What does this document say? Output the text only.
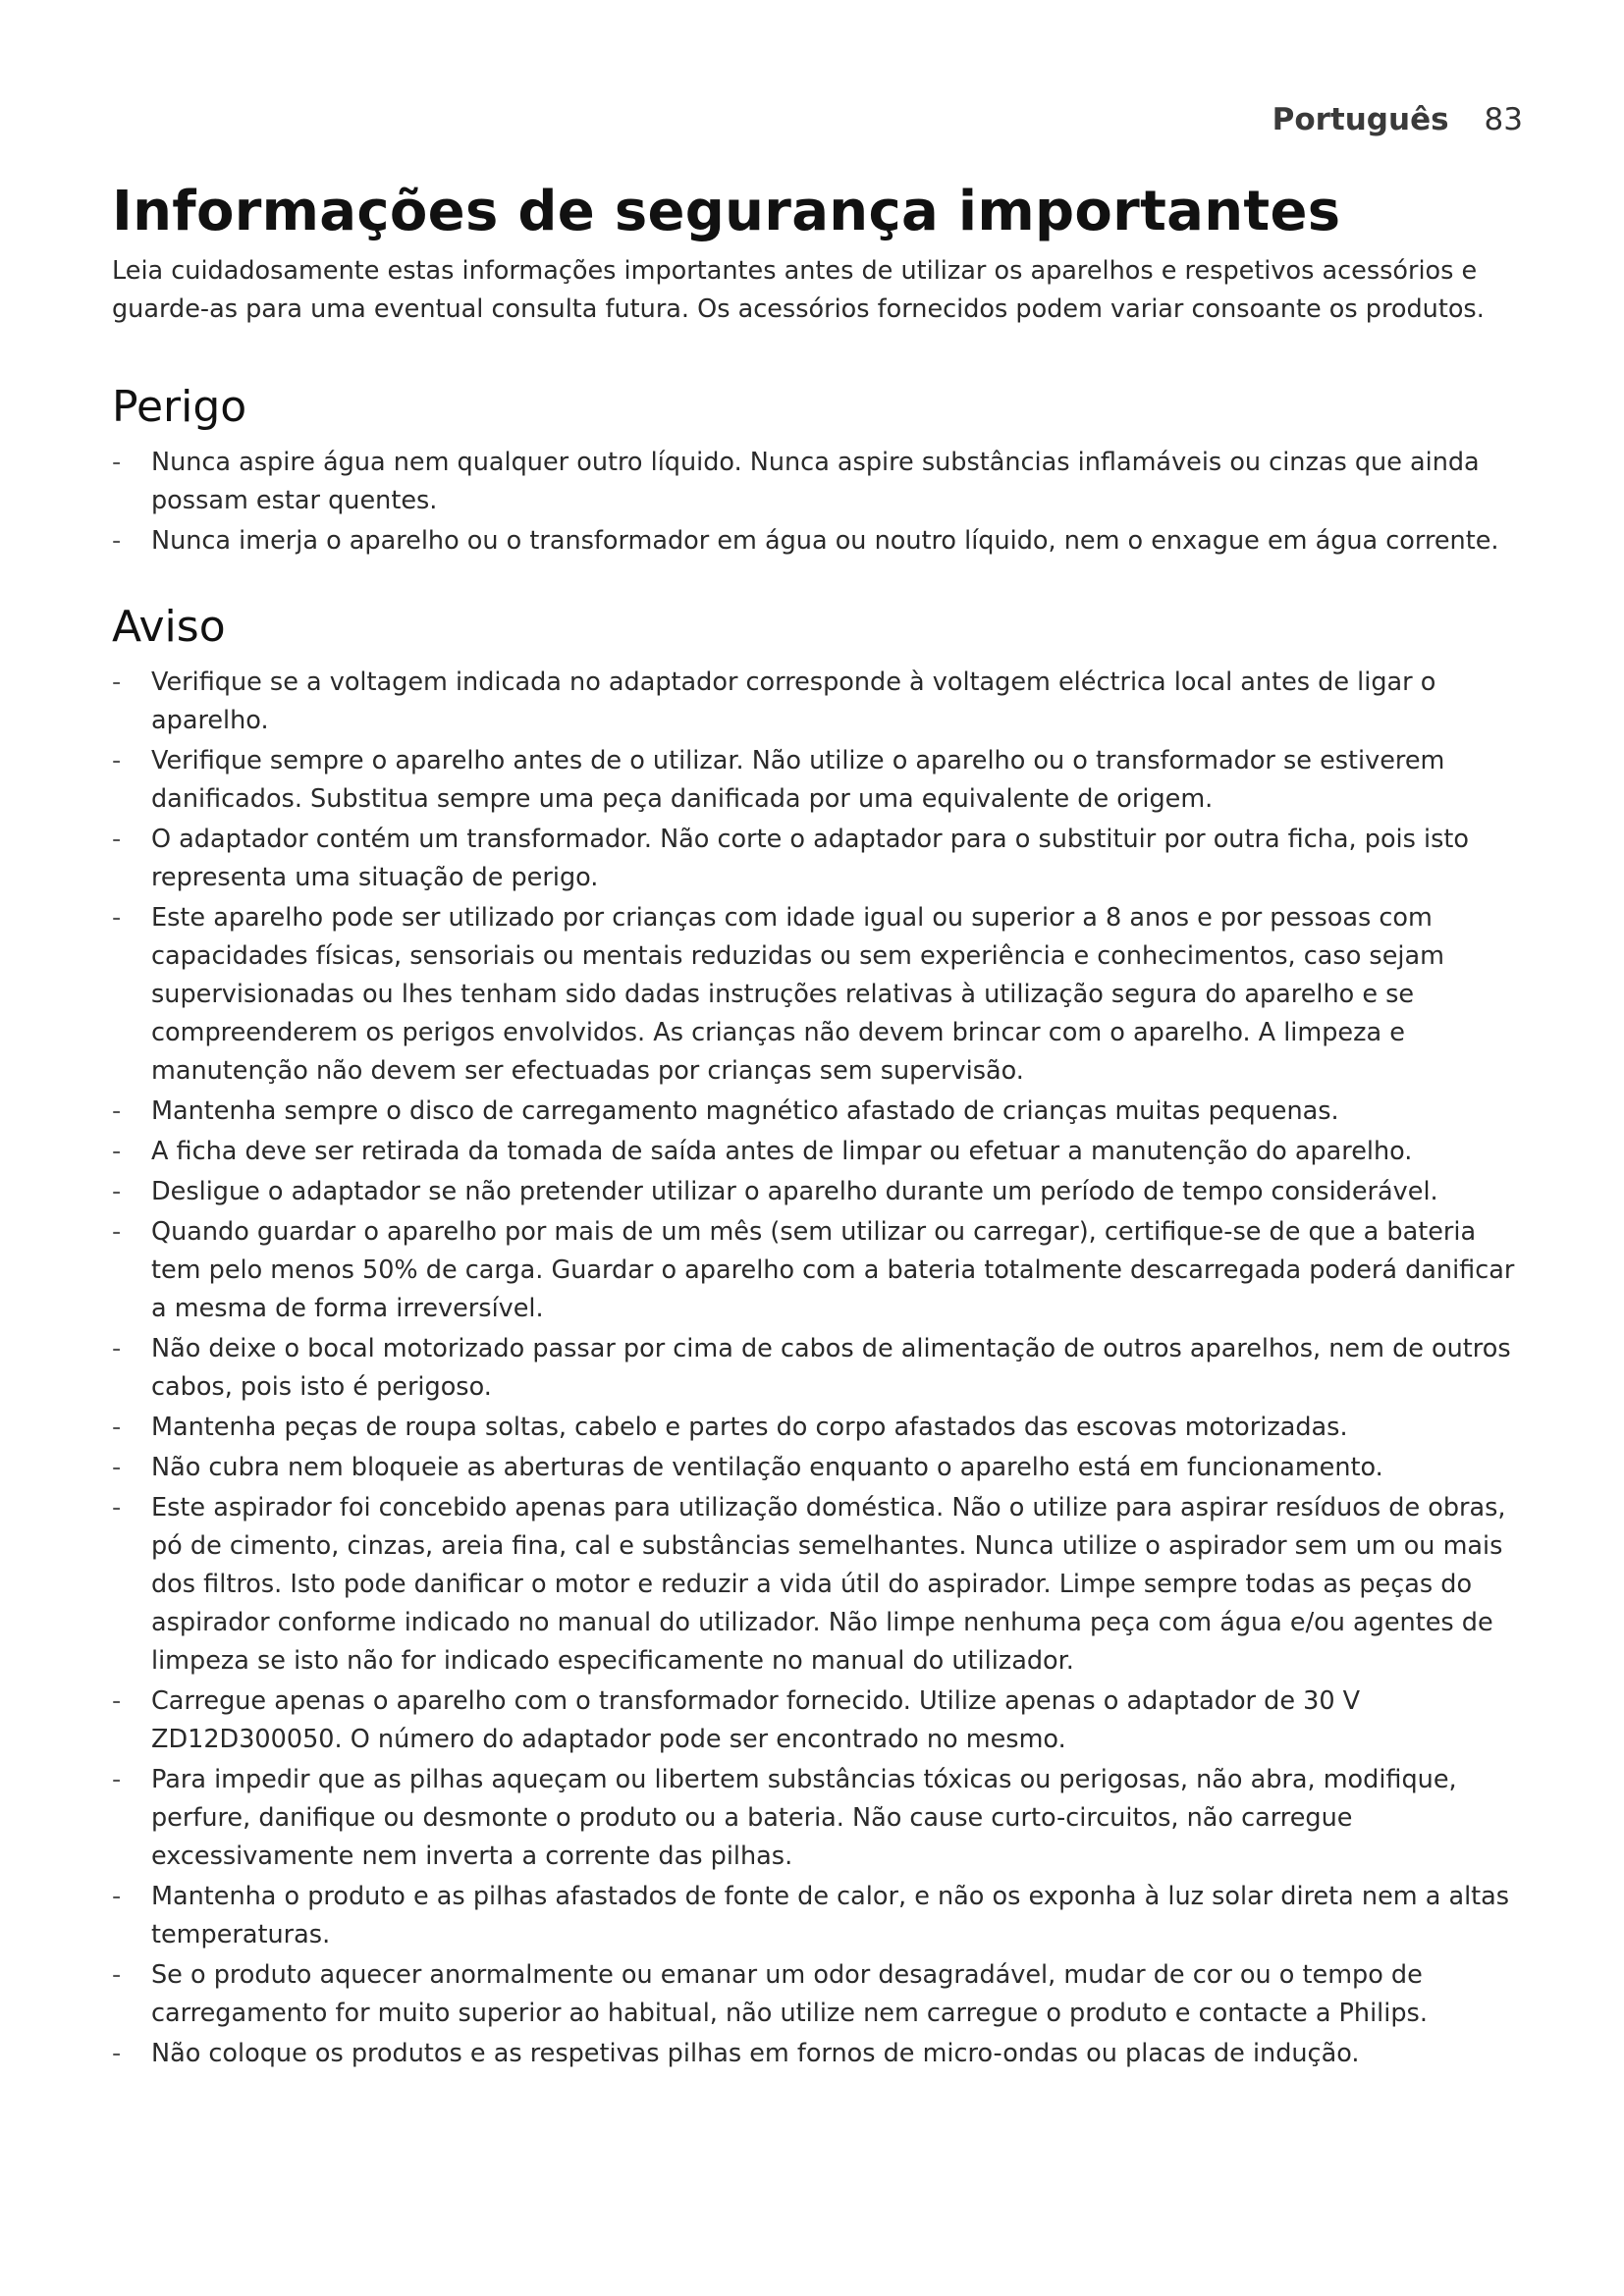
Português 83
Informações de segurança importantes

Leia cuidadosamente estas informações importantes antes de utilizar os aparelhos e respetivos acessórios e guarde-as para uma eventual consulta futura. Os acessórios fornecidos podem variar consoante os produtos.

Perigo
-	Nunca aspire água nem qualquer outro líquido. Nunca aspire substâncias inflamáveis ou cinzas que ainda possam estar quentes.
-	Nunca imerja o aparelho ou o transformador em água ou noutro líquido, nem o enxague em água corrente.
Aviso
-	Verifique se a voltagem indicada no adaptador corresponde à voltagem eléctrica local antes de ligar o aparelho.
-	Verifique sempre o aparelho antes de o utilizar. Não utilize o aparelho ou o transformador se estiverem danificados. Substitua sempre uma peça danificada por uma equivalente de origem.
-	O adaptador contém um transformador. Não corte o adaptador para o substituir por outra ficha, pois isto representa uma situação de perigo.
-	Este aparelho pode ser utilizado por crianças com idade igual ou superior a 8 anos e por pessoas com capacidades físicas, sensoriais ou mentais reduzidas ou sem experiência e conhecimentos, caso sejam supervisionadas ou lhes tenham sido dadas instruções relativas à utilização segura do aparelho e se compreenderem os perigos envolvidos. As crianças não devem brincar com o aparelho. A limpeza e manutenção não devem ser efectuadas por crianças sem supervisão.
-	Mantenha sempre o disco de carregamento magnético afastado de crianças muitas pequenas.
-	A ficha deve ser retirada da tomada de saída antes de limpar ou efetuar a manutenção do aparelho.
-	Desligue o adaptador se não pretender utilizar o aparelho durante um período de tempo considerável.
-	Quando guardar o aparelho por mais de um mês (sem utilizar ou carregar), certifique-se de que a bateria tem pelo menos 50% de carga. Guardar o aparelho com a bateria totalmente descarregada poderá danificar a mesma de forma irreversível.
-	Não deixe o bocal motorizado passar por cima de cabos de alimentação de outros aparelhos, nem de outros cabos, pois isto é perigoso.
-	Mantenha peças de roupa soltas, cabelo e partes do corpo afastados das escovas motorizadas.
-	Não cubra nem bloqueie as aberturas de ventilação enquanto o aparelho está em funcionamento.
-	Este aspirador foi concebido apenas para utilização doméstica. Não o utilize para aspirar resíduos de obras, pó de cimento, cinzas, areia fina, cal e substâncias semelhantes. Nunca utilize o aspirador sem um ou mais dos filtros. Isto pode danificar o motor e reduzir a vida útil do aspirador. Limpe sempre todas as peças do aspirador conforme indicado no manual do utilizador. Não limpe nenhuma peça com água e/ou agentes de limpeza se isto não for indicado especificamente no manual do utilizador.
-	Carregue apenas o aparelho com o transformador fornecido. Utilize apenas o adaptador de 30 V ZD12D300050. O número do adaptador pode ser encontrado no mesmo.
-	Para impedir que as pilhas aqueçam ou libertem substâncias tóxicas ou perigosas, não abra, modifique, perfure, danifique ou desmonte o produto ou a bateria. Não cause curto-circuitos, não carregue excessivamente nem inverta a corrente das pilhas.
-	Mantenha o produto e as pilhas afastados de fonte de calor, e não os exponha à luz solar direta nem a altas temperaturas.
-	Se o produto aquecer anormalmente ou emanar um odor desagradável, mudar de cor ou o tempo de carregamento for muito superior ao habitual, não utilize nem carregue o produto e contacte a Philips.
-	Não coloque os produtos e as respetivas pilhas em fornos de micro-ondas ou placas de indução.
